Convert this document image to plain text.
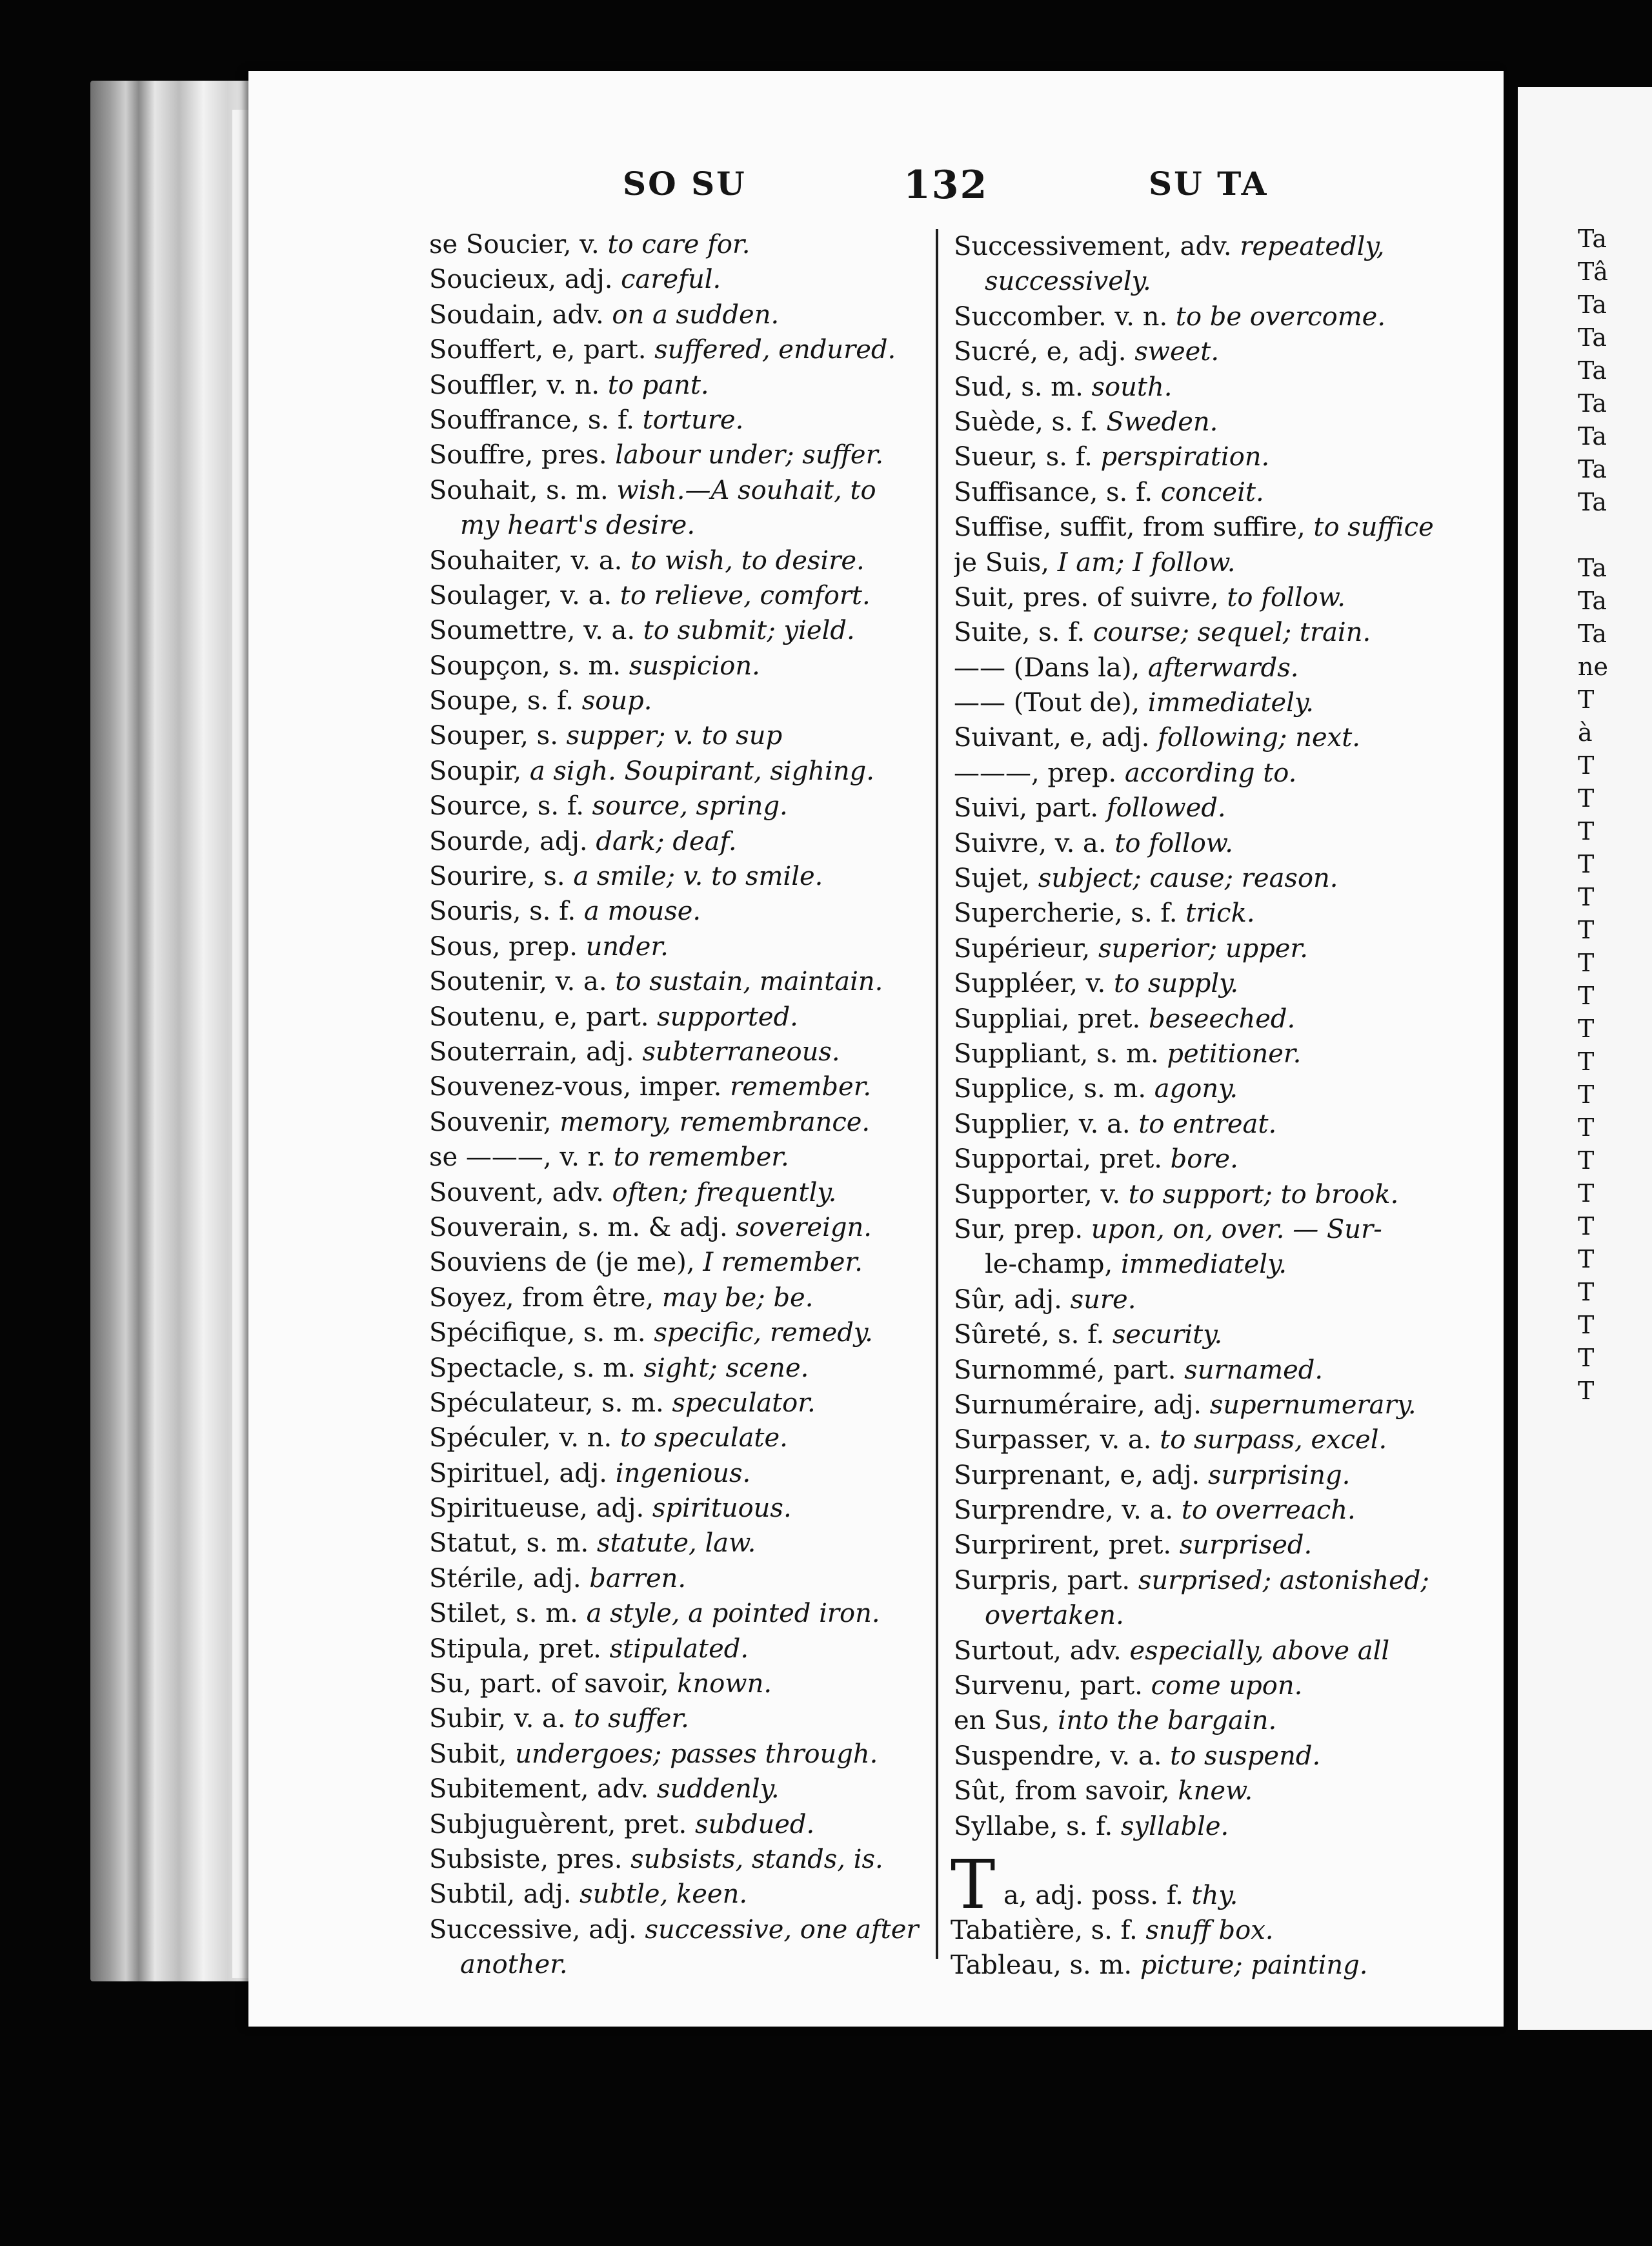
SO SU	132	SU TA
se Soucier, v. to care for.
Soucieux, adj. careful.
Soudain, adv. on a sudden.
Souffert, e, part. suffered, endured.
Souffler, v. n. to pant.
Souffrance, s. f. torture.
Souffre, pres. labour under; suffer.
Souhait, s. m. wish.—A souhait, to
my heart's desire.
Souhaiter, v. a. to wish, to desire.
Soulager, v. a. to relieve, comfort.
Soumettre, v. a. to submit; yield.
Soupçon, s. m. suspicion.
Soupe, s. f. soup.
Souper, s. supper; v. to sup
Soupir, a sigh. Soupirant, sighing.
Source, s. f. source, spring.
Sourde, adj. dark; deaf.
Sourire, s. a smile; v. to smile.
Souris, s. f. a mouse.
Sous, prep. under.
Soutenir, v. a. to sustain, maintain.
Soutenu, e, part. supported.
Souterrain, adj. subterraneous.
Souvenez-vous, imper. remember.
Souvenir, memory, remembrance.
se ———, v. r. to remember.
Souvent, adv. often; frequently.
Souverain, s. m. & adj. sovereign.
Souviens de (je me), I remember.
Soyez, from être, may be; be.
Spécifique, s. m. specific, remedy.
Spectacle, s. m. sight; scene.
Spéculateur, s. m. speculator.
Spéculer, v. n. to speculate.
Spirituel, adj. ingenious.
Spiritueuse, adj. spirituous.
Statut, s. m. statute, law.
Stérile, adj. barren.
Stilet, s. m. a style, a pointed iron.
Stipula, pret. stipulated.
Su, part. of savoir, known.
Subir, v. a. to suffer.
Subit, undergoes; passes through.
Subitement, adv. suddenly.
Subjuguèrent, pret. subdued.
Subsiste, pres. subsists, stands, is.
Subtil, adj. subtle, keen.
Successive, adj. successive, one after
another.
Successivement, adv. repeatedly,
successively.
Succomber. v. n. to be overcome.
Sucré, e, adj. sweet.
Sud, s. m. south.
Suède, s. f. Sweden.
Sueur, s. f. perspiration.
Suffisance, s. f. conceit.
Suffise, suffit, from suffire, to suffice
je Suis, I am; I follow.
Suit, pres. of suivre, to follow.
Suite, s. f. course; sequel; train.
—— (Dans la), afterwards.
—— (Tout de), immediately.
Suivant, e, adj. following; next.
———, prep. according to.
Suivi, part. followed.
Suivre, v. a. to follow.
Sujet, subject; cause; reason.
Supercherie, s. f. trick.
Supérieur, superior; upper.
Suppléer, v. to supply.
Suppliai, pret. beseeched.
Suppliant, s. m. petitioner.
Supplice, s. m. agony.
Supplier, v. a. to entreat.
Supportai, pret. bore.
Supporter, v. to support; to brook.
Sur, prep. upon, on, over. — Sur-
le-champ, immediately.
Sûr, adj. sure.
Sûreté, s. f. security.
Surnommé, part. surnamed.
Surnuméraire, adj. supernumerary.
Surpasser, v. a. to surpass, excel.
Surprenant, e, adj. surprising.
Surprendre, v. a. to overreach.
Surprirent, pret. surprised.
Surpris, part. surprised; astonished;
overtaken.
Surtout, adv. especially, above all
Survenu, part. come upon.
en Sus, into the bargain.
Suspendre, v. a. to suspend.
Sût, from savoir, knew.
Syllabe, s. f. syllable.
T a, adj. poss. f. thy.
Tabatière, s. f. snuff box.
Tableau, s. m. picture; painting.
Ta
Tâ
Ta
Ta
Ta
Ta
Ta
Ta
Ta
Ta
Ta
Ta
ne
T
à
T
T
T
T
T
T
T
T
T
T
T
T
T
T
T
T
T
T
T
T
